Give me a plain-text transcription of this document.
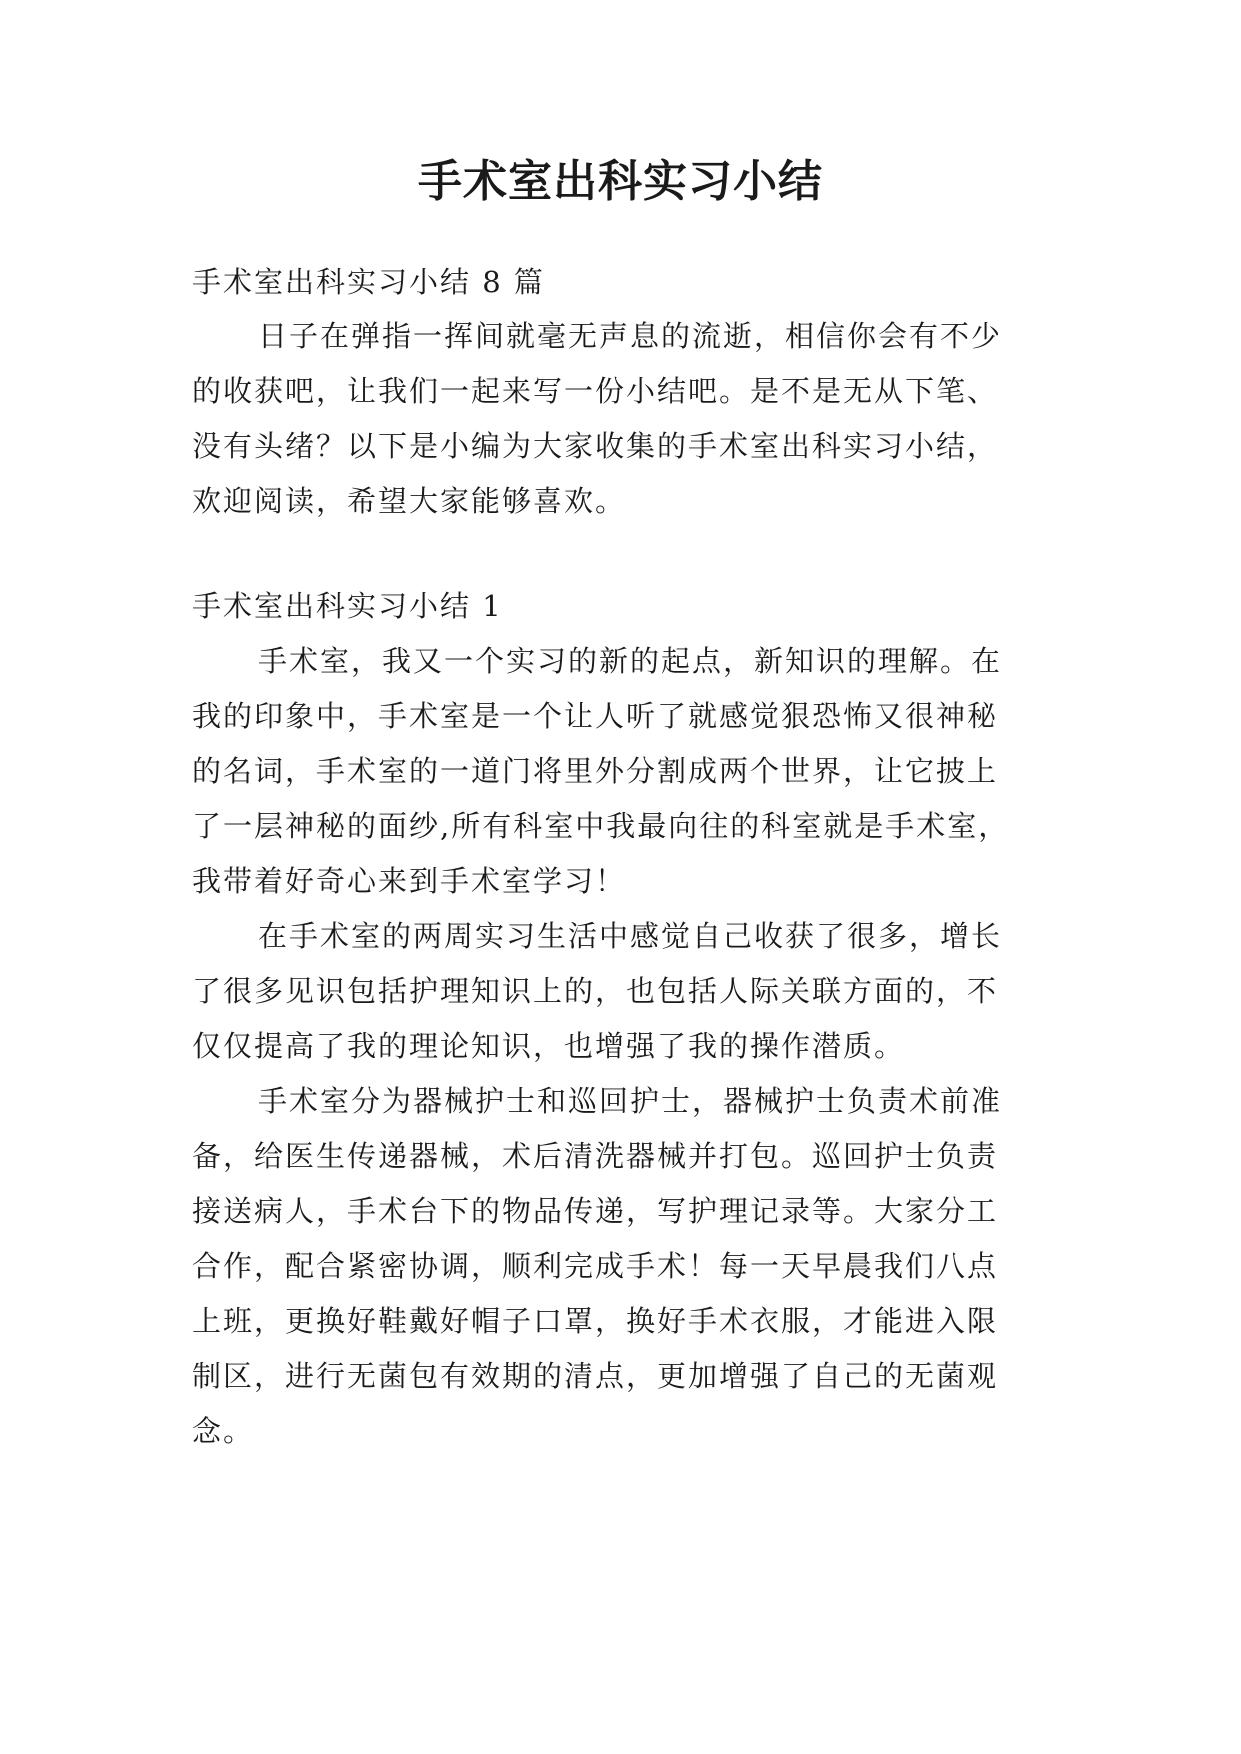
手术室出科实习小结
手术室出科实习小结 8 篇
日子在弹指一挥间就毫无声息的流逝，相信你会有不少
的收获吧，让我们一起来写一份小结吧。是不是无从下笔、
没有头绪？以下是小编为大家收集的手术室出科实习小结，
欢迎阅读，希望大家能够喜欢。
手术室出科实习小结 1
手术室，我又一个实习的新的起点，新知识的理解。在
我的印象中，手术室是一个让人听了就感觉狠恐怖又很神秘
的名词，手术室的一道门将里外分割成两个世界，让它披上
了一层神秘的面纱,所有科室中我最向往的科室就是手术室，
我带着好奇心来到手术室学习！
在手术室的两周实习生活中感觉自己收获了很多，增长
了很多见识包括护理知识上的，也包括人际关联方面的，不
仅仅提高了我的理论知识，也增强了我的操作潜质。
手术室分为器械护士和巡回护士，器械护士负责术前准
备，给医生传递器械，术后清洗器械并打包。巡回护士负责
接送病人，手术台下的物品传递，写护理记录等。大家分工
合作，配合紧密协调，顺利完成手术！每一天早晨我们八点
上班，更换好鞋戴好帽子口罩，换好手术衣服，才能进入限
制区，进行无菌包有效期的清点，更加增强了自己的无菌观
念。
